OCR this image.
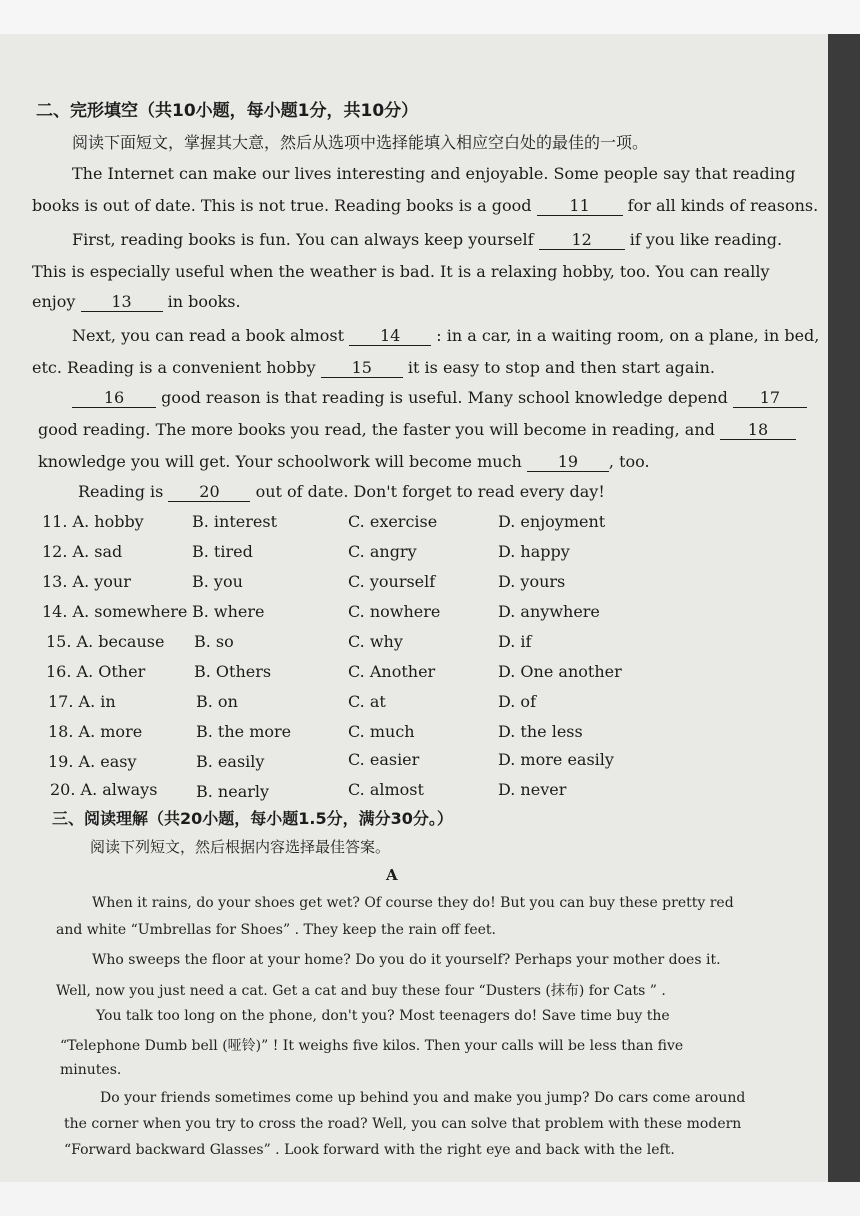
二、完形填空（共10小题，每小题1分，共10分）
阅读下面短文，掌握其大意，然后从选项中选择能填入相应空白处的最佳的一项。
The Internet can make our lives interesting and enjoyable. Some people say that reading
books is out of date. This is not true. Reading books is a good 11 for all kinds of reasons.
First, reading books is fun. You can always keep yourself 12 if you like reading.
This is especially useful when the weather is bad. It is a relaxing hobby, too. You can really
enjoy 13 in books.
Next, you can read a book almost 14 : in a car, in a waiting room, on a plane, in bed,
etc. Reading is a convenient hobby 15 it is easy to stop and then start again.
16 good reason is that reading is useful. Many school knowledge depend 17
good reading. The more books you read, the faster you will become in reading, and 18
knowledge you will get. Your schoolwork will become much 19 , too.
Reading is 20 out of date. Don't forget to read every day!
11. A. hobby	B. interest	C. exercise	D. enjoyment
12. A. sad	B. tired	C. angry	D. happy
13. A. your	B. you	C. yourself	D. yours
14. A. somewhere B. where	C. nowhere	D. anywhere
15. A. because B. so	C. why	D. if
16. A. Other	B. Others	C. Another	D. One another
17. A. in	B. on	C. at	D. of
18. A. more	B. the more	C. much	D. the less
19. A. easy	B. easily	C. easier	D. more easily
20. A. always B. nearly	C. almost	D. never
三、阅读理解（共20小题，每小题1.5分，满分30分。）
阅读下列短文，然后根据内容选择最佳答案。
A
When it rains, do your shoes get wet? Of course they do! But you can buy these pretty red
and white “Umbrellas for Shoes” . They keep the rain off feet.
Who sweeps the floor at your home? Do you do it yourself? Perhaps your mother does it.
Well, now you just need a cat. Get a cat and buy these four “Dusters (抹布) for Cats ” .
You talk too long on the phone, don't you? Most teenagers do! Save time buy the
“Telephone Dumb bell (哑铃)” ! It weighs five kilos. Then your calls will be less than five
minutes.
Do your friends sometimes come up behind you and make you jump? Do cars come around
the corner when you try to cross the road? Well, you can solve that problem with these modern
“Forward backward Glasses” . Look forward with the right eye and back with the left.
